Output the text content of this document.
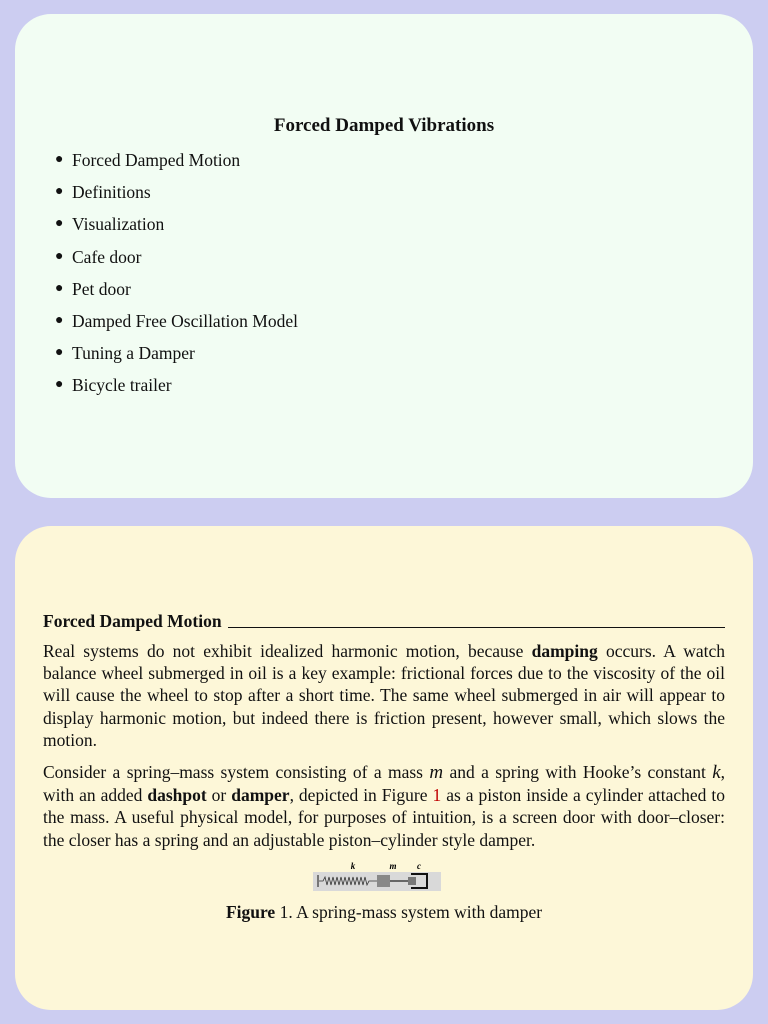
Forced Damped Vibrations
● Forced Damped Motion
● Definitions
● Visualization
● Cafe door
● Pet door
● Damped Free Oscillation Model
● Tuning a Damper
● Bicycle trailer
Forced Damped Motion

Real systems do not exhibit idealized harmonic motion, because damping occurs. A watch balance wheel submerged in oil is a key example: frictional forces due to the viscosity of the oil will cause the wheel to stop after a short time. The same wheel submerged in air will appear to display harmonic motion, but indeed there is friction present, however small, which slows the motion.

Consider a spring–mass system consisting of a mass m and a spring with Hooke’s constant k, with an added dashpot or damper, depicted in Figure 1 as a piston inside a cylinder attached to the mass. A useful physical model, for purposes of intuition, is a screen door with door–closer: the closer has a spring and an adjustable piston–cylinder style damper.

k	m c
Figure 1. A spring-mass system with damper
